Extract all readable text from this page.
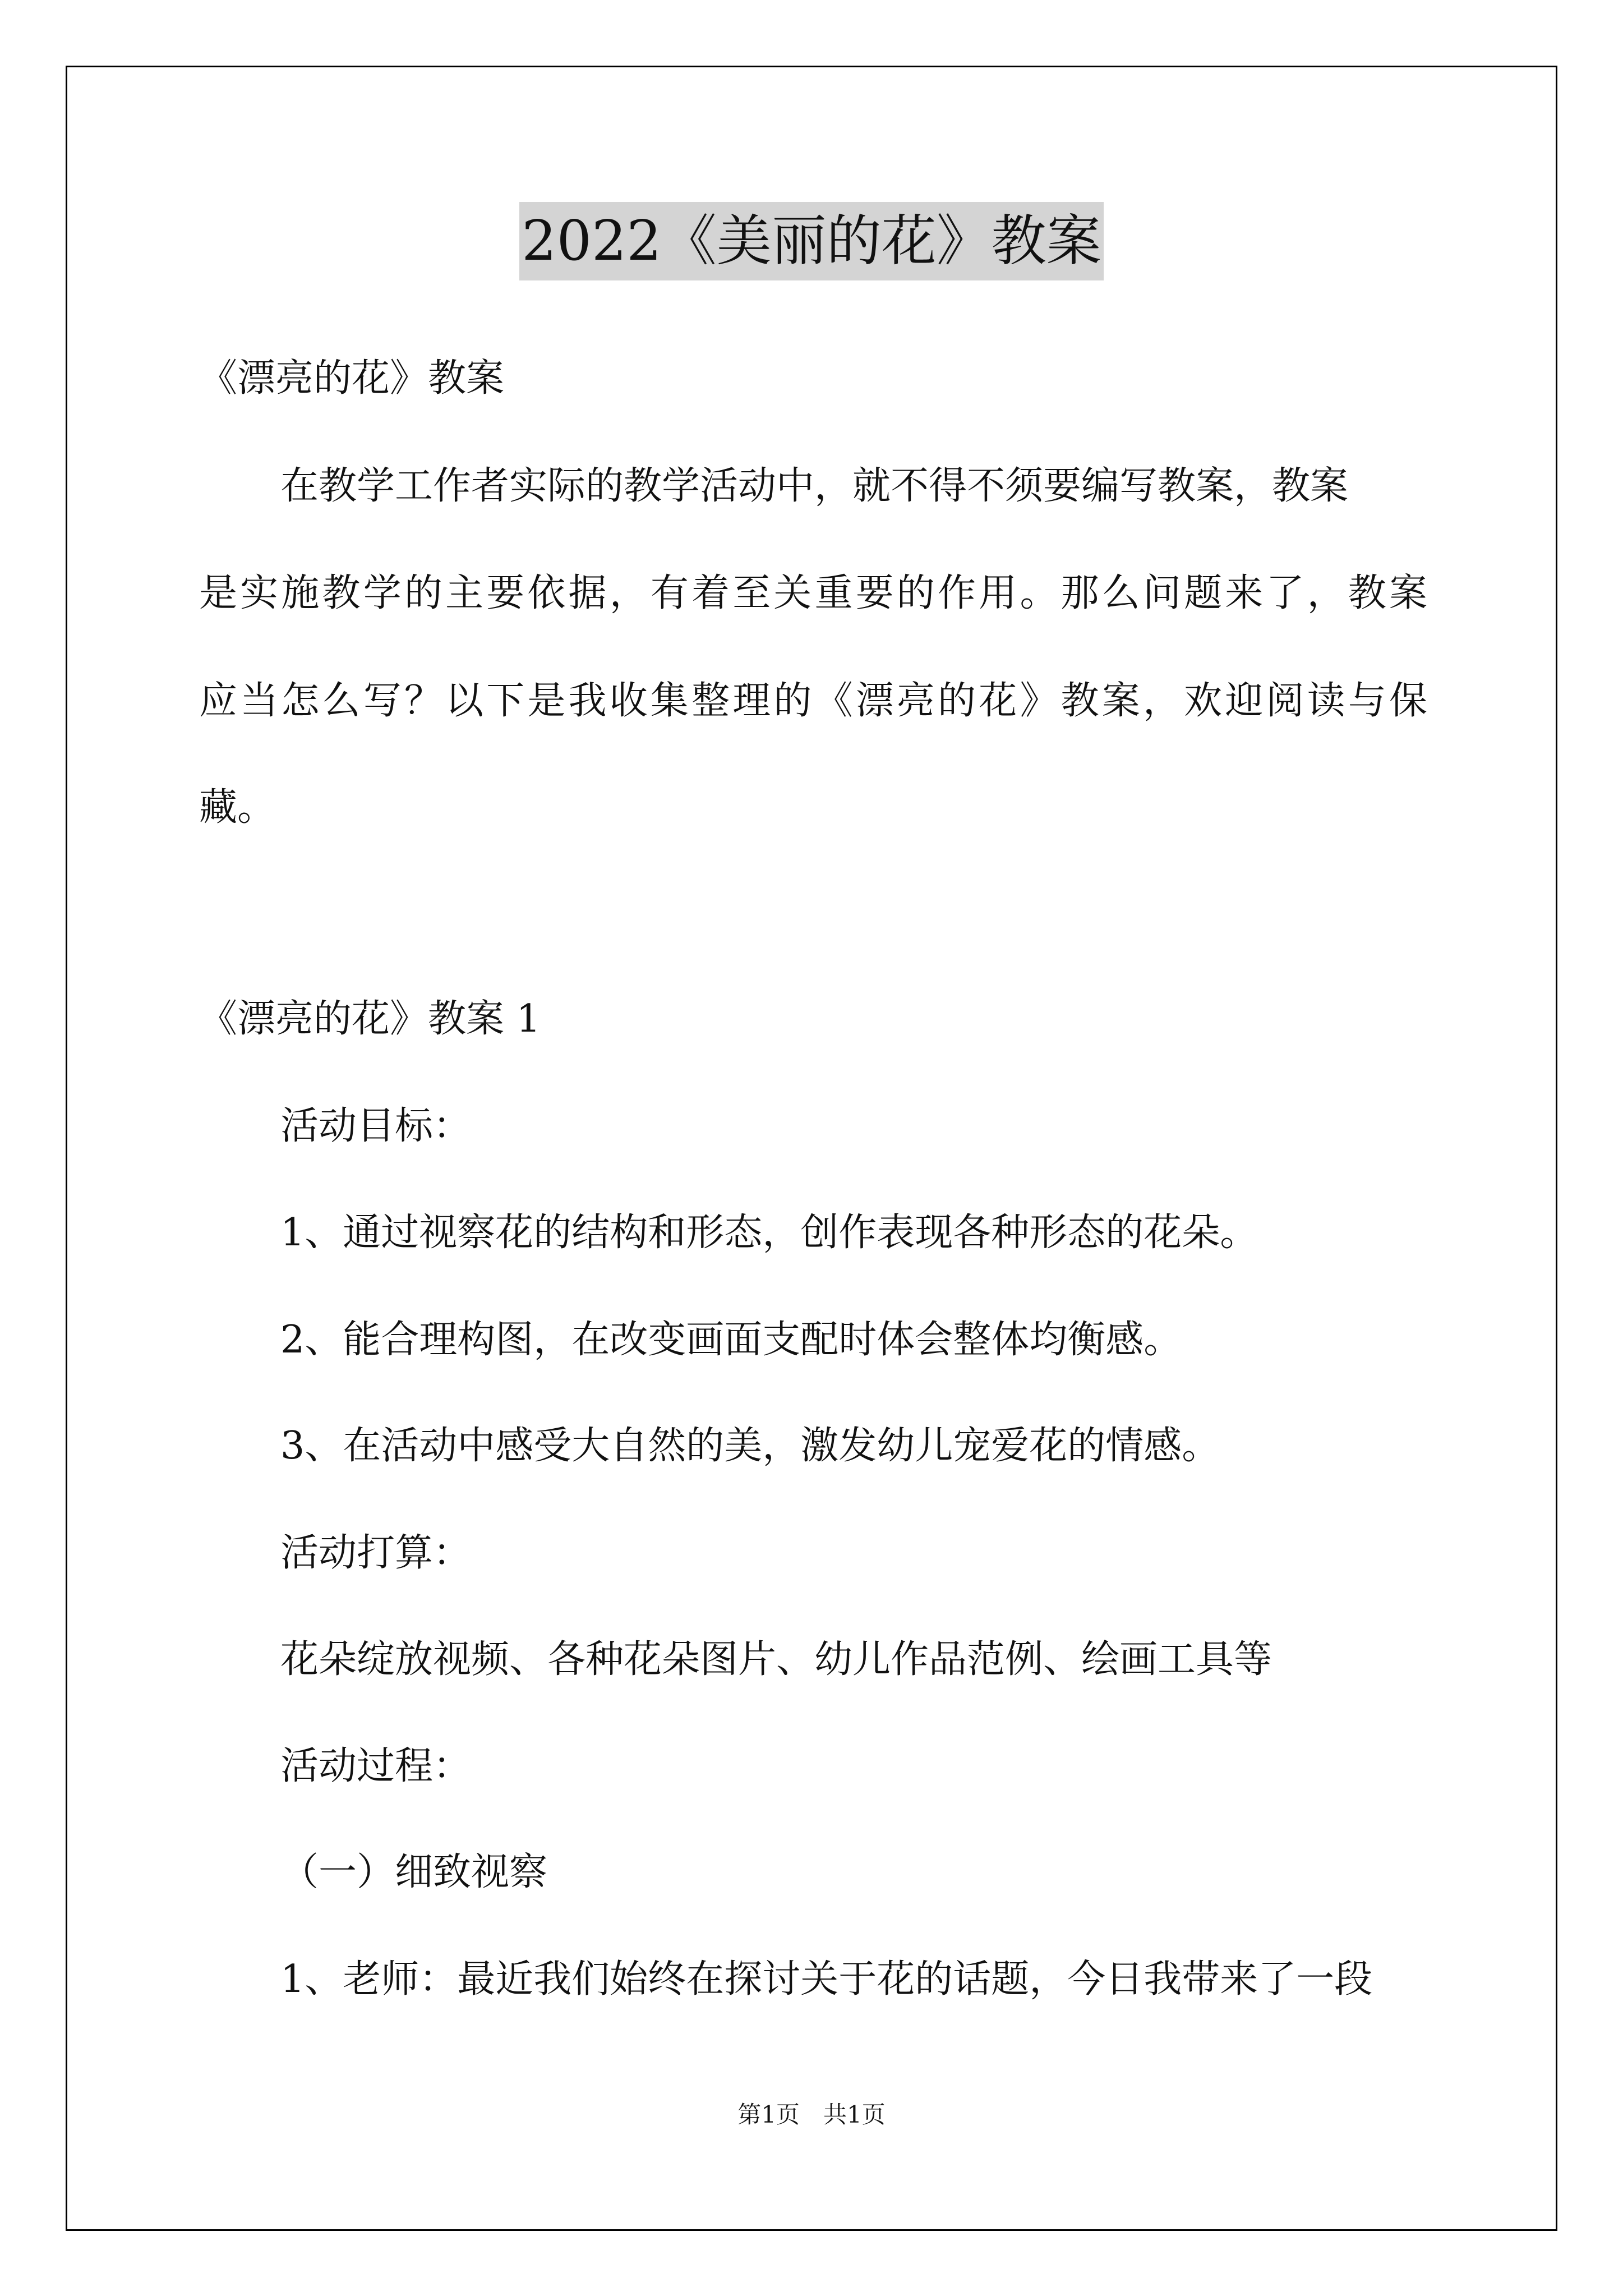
2022《美丽的花》教案
《漂亮的花》教案
在教学工作者实际的教学活动中，就不得不须要编写教案，教案
是实施教学的主要依据，有着至关重要的作用。那么问题来了，教案
应当怎么写？以下是我收集整理的《漂亮的花》教案，欢迎阅读与保
藏。
《漂亮的花》教案 1
活动目标：
1、通过视察花的结构和形态，创作表现各种形态的花朵。
2、能合理构图，在改变画面支配时体会整体均衡感。
3、在活动中感受大自然的美，激发幼儿宠爱花的情感。
活动打算：
花朵绽放视频、各种花朵图片、幼儿作品范例、绘画工具等
活动过程：
（一）细致视察
1、老师：最近我们始终在探讨关于花的话题，今日我带来了一段
第1页　共1页
